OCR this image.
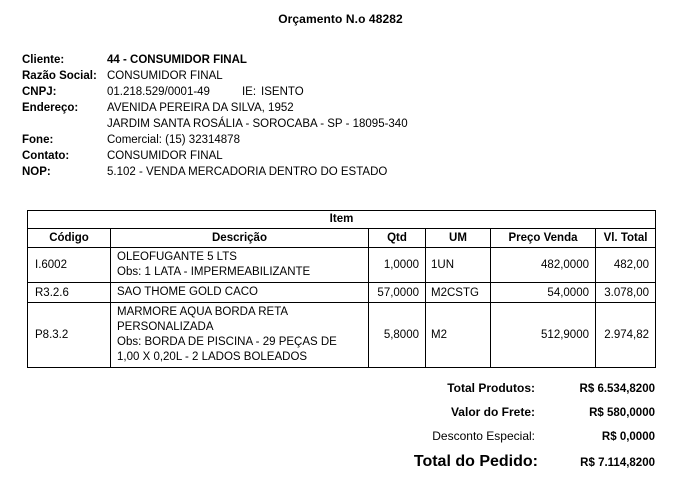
Orçamento N.o 48282
Cliente:	44 - CONSUMIDOR FINAL
Razão Social: CONSUMIDOR FINAL
CNPJ:	01.218.529/0001-49	IE: ISENTO
Endereço:	AVENIDA PEREIRA DA SILVA, 1952
JARDIM SANTA ROSÁLIA - SOROCABA - SP - 18095-340
Fone:	Comercial: (15) 32314878
Contato:	CONSUMIDOR FINAL
NOP:	5.102 - VENDA MERCADORIA DENTRO DO ESTADO
Item					
Código	Descrição	Qtd	UM	Preço Venda	Vl. Total
I.6002	OLEOFUGANTE 5 LTS
Obs: 1 LATA - IMPERMEABILIZANTE	1,0000	1UN	482,0000	482,00
R3.2.6	SAO THOME GOLD CACO	57,0000	M2CSTG	54,0000	3.078,00
P8.3.2	MARMORE AQUA BORDA RETA
PERSONALIZADA
Obs: BORDA DE PISCINA - 29 PEÇAS DE
1,00 X 0,20L - 2 LADOS BOLEADOS	5,8000	M2	512,9000	2.974,82
Total Produtos:	R$ 6.534,8200
Valor do Frete:	R$ 580,0000
Desconto Especial:	R$ 0,0000
Total do Pedido:	R$ 7.114,8200
